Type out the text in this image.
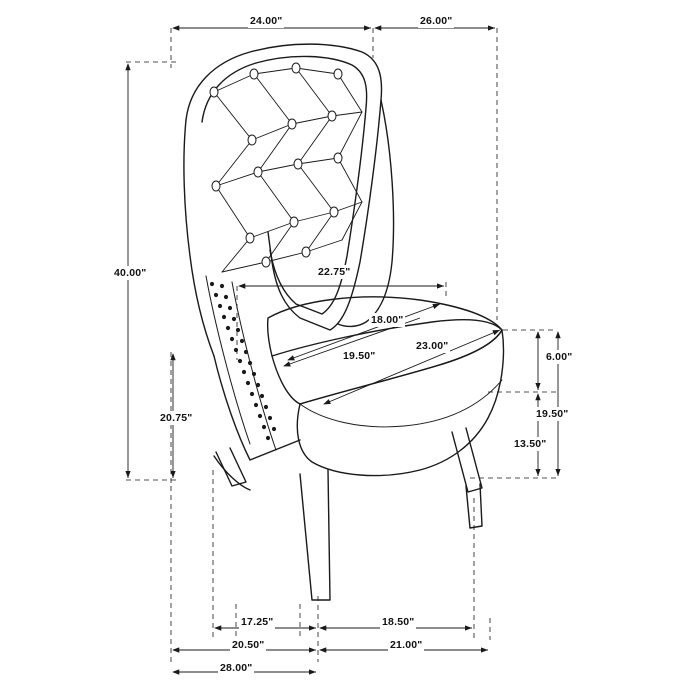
24.00"	26.00"
40.00"	22.75"
18.00"
19.50"
23.00"
6.00"
20.75"	19.50"
13.50"
17.25"	18.50"
20.50"	21.00"
28.00"
